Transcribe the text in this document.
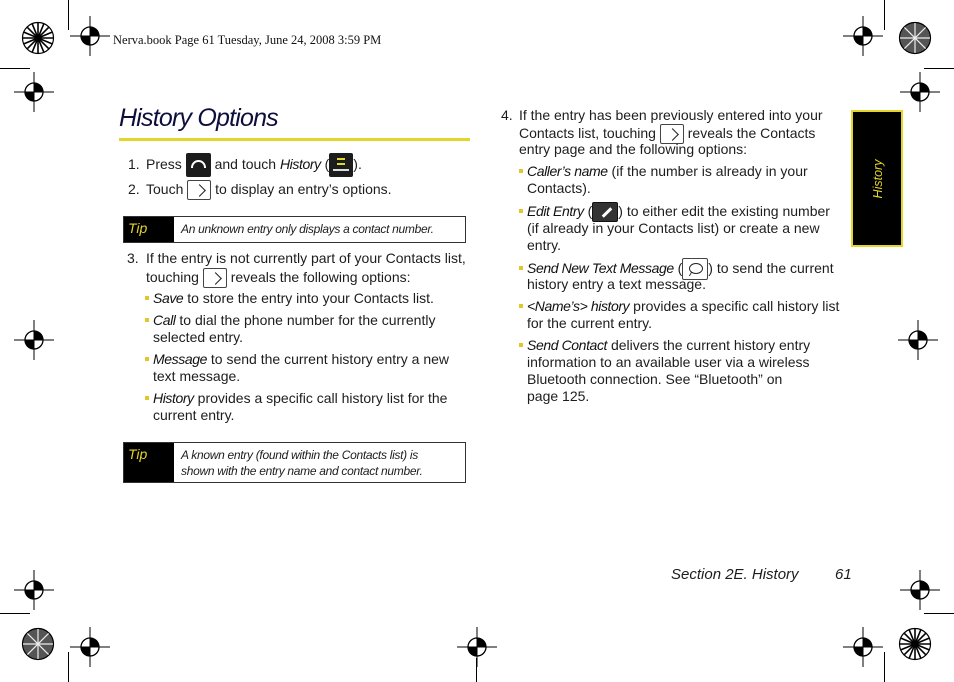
Nerva.book Page 61 Tuesday, June 24, 2008 3:59 PM
History Options
1. Press and touch History ( ).
2. Touch to display an entry’s options.
Tip	An unknown entry only displays a contact number.
3. If the entry is not currently part of your Contacts list,
touching reveals the following options:
Save to store the entry into your Contacts list.
Call to dial the phone number for the currently
selected entry.
Message to send the current history entry a new
text message.
History provides a specific call history list for the
current entry.
Tip	A known entry (found within the Contacts list) is
shown with the entry name and contact number.
4. If the entry has been previously entered into your
Contacts list, touching reveals the Contacts
entry page and the following options:
Caller’s name (if the number is already in your
Contacts).
Edit Entry ( ) to either edit the existing number
(if already in your Contacts list) or create a new
entry.
Send New Text Message ( ) to send the current
history entry a text message.
<Name’s> history provides a specific call history list
for the current entry.
Send Contact delivers the current history entry
information to an available user via a wireless
Bluetooth connection. See “Bluetooth” on
page 125.
History
Section 2E. History 61
